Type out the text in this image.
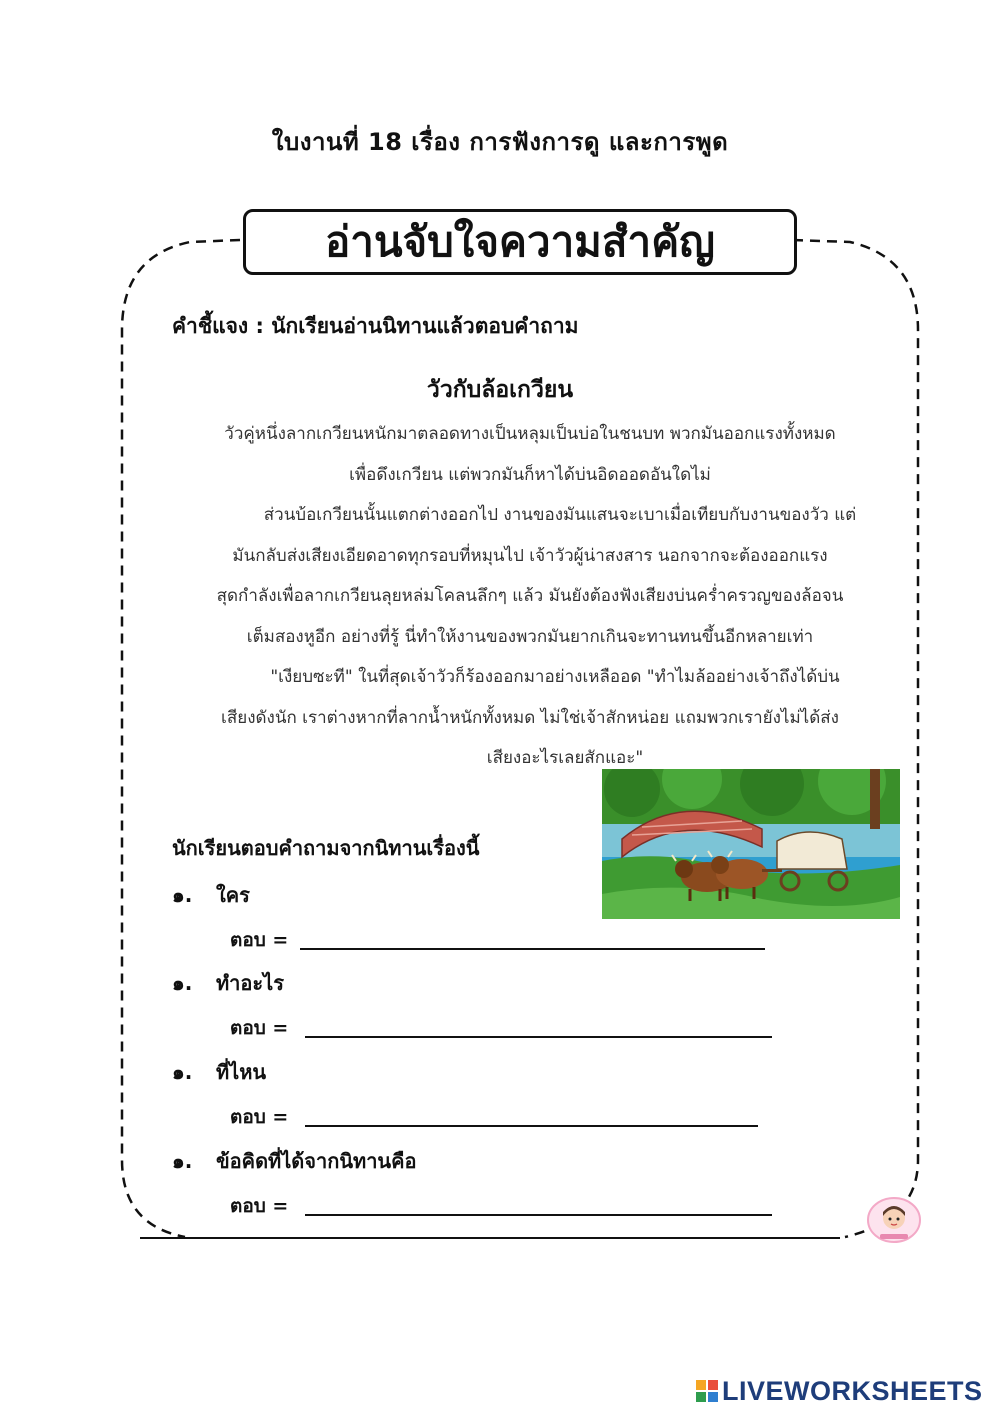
ใบงานที่ 18 เรื่อง การฟังการดู และการพูด
อ่านจับใจความสำคัญ
คำชี้แจง : นักเรียนอ่านนิทานแล้วตอบคำถาม
วัวกับล้อเกวียน

วัวคู่หนึ่งลากเกวียนหนักมาตลอดทางเป็นหลุมเป็นบ่อในชนบท พวกมันออกแรงทั้งหมด

เพื่อดึงเกวียน แต่พวกมันก็หาได้บ่นอิดออดอันใดไม่

ส่วนบ้อเกวียนนั้นแตกต่างออกไป งานของมันแสนจะเบาเมื่อเทียบกับงานของวัว แต่

มันกลับส่งเสียงเอียดอาดทุกรอบที่หมุนไป เจ้าวัวผู้น่าสงสาร นอกจากจะต้องออกแรง

สุดกำลังเพื่อลากเกวียนลุยหล่มโคลนลึกๆ แล้ว มันยังต้องฟังเสียงบ่นคร่ำครวญของล้อจน

เต็มสองหูอีก อย่างที่รู้ นี่ทำให้งานของพวกมันยากเกินจะทานทนขึ้นอีกหลายเท่า

"เงียบซะที" ในที่สุดเจ้าวัวก็ร้องออกมาอย่างเหลืออด "ทำไมล้ออย่างเจ้าถึงได้บ่น

เสียงดังนัก เราต่างหากที่ลากน้ำหนักทั้งหมด ไม่ใช่เจ้าสักหน่อย แถมพวกเรายังไม่ได้ส่ง

เสียงอะไรเลยสักแอะ"

นักเรียนตอบคำถามจากนิทานเรื่องนี้
๑. ใคร
ตอบ =
๑. ทำอะไร
ตอบ =
๑. ที่ไหน
ตอบ =
๑. ข้อคิดที่ได้จากนิทานคือ
ตอบ =
LIVEWORKSHEETS
